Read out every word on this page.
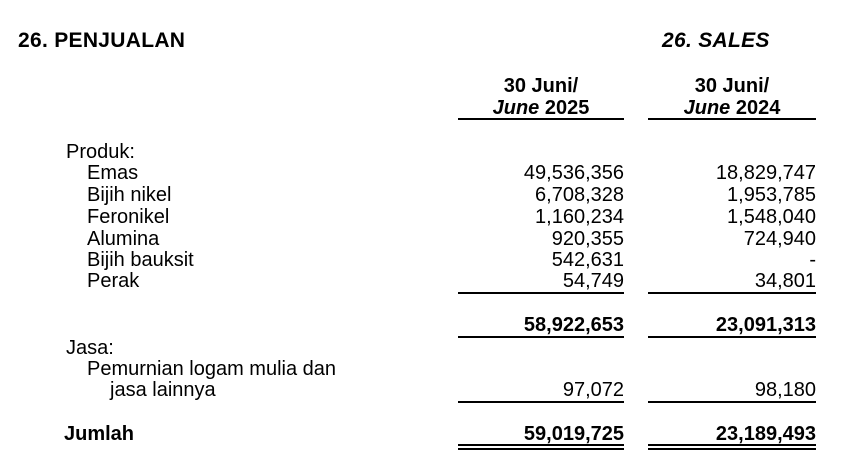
26. PENJUALAN	26. SALES
30 Juni/
June 2025
30 Juni/
June 2024
Produk:
Emas	49,536,356	18,829,747
Bijih nikel	6,708,328	1,953,785
Feronikel	1,160,234	1,548,040
Alumina	920,355	724,940
Bijih bauksit	542,631	-
Perak	54,749	34,801
58,922,653	23,091,313
Jasa:
Pemurnian logam mulia dan
jasa lainnya	97,072	98,180
Jumlah	59,019,725	23,189,493
